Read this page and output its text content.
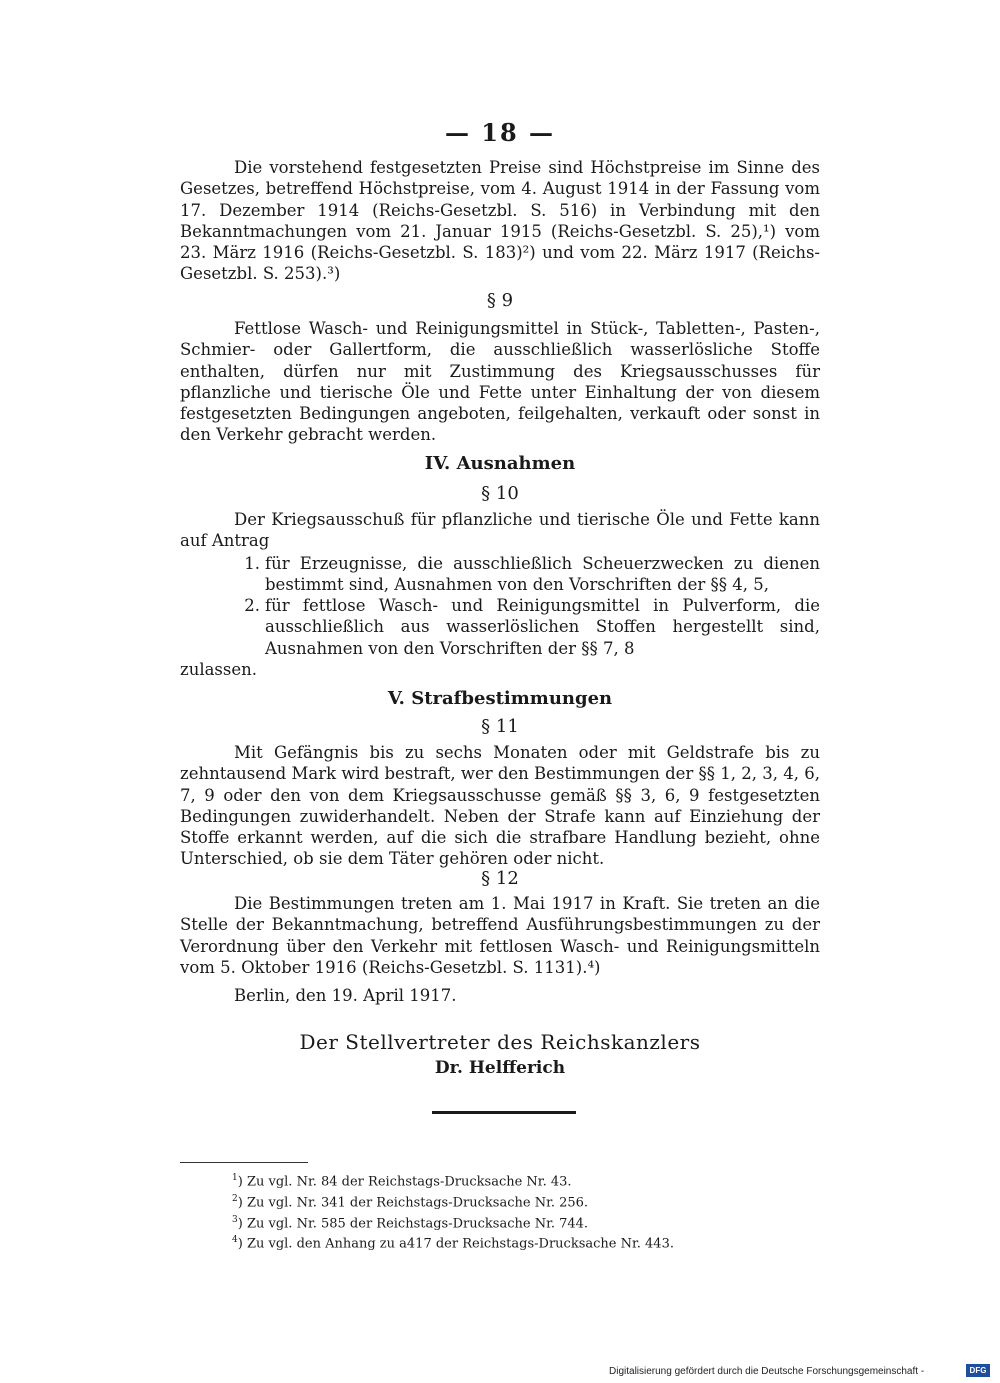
— 18 —

Die vorstehend festgesetzten Preise sind Höchstpreise im Sinne des Gesetzes, betreffend Höchstpreise, vom 4. August 1914 in der Fassung vom 17. Dezember 1914 (Reichs-Gesetzbl. S. 516) in Verbindung mit den Bekanntmachungen vom 21. Januar 1915 (Reichs-Gesetzbl. S. 25),¹) vom 23. März 1916 (Reichs-Gesetzbl. S. 183)²) und vom 22. März 1917 (Reichs-Gesetzbl. S. 253).³)

§ 9

Fettlose Wasch- und Reinigungsmittel in Stück-, Tabletten-, Pasten-, Schmier- oder Gallertform, die ausschließlich wasserlösliche Stoffe enthalten, dürfen nur mit Zustimmung des Kriegsausschusses für pflanzliche und tierische Öle und Fette unter Einhaltung der von diesem festgesetzten Bedingungen angeboten, feilgehalten, verkauft oder sonst in den Verkehr gebracht werden.

IV. Ausnahmen
§ 10

Der Kriegsausschuß für pflanzliche und tierische Öle und Fette kann auf Antrag

1. für Erzeugnisse, die ausschließlich Scheuerzwecken zu dienen bestimmt sind, Ausnahmen von den Vorschriften der §§ 4, 5,
2. für fettlose Wasch- und Reinigungsmittel in Pulverform, die ausschließlich aus wasserlöslichen Stoffen hergestellt sind, Ausnahmen von den Vorschriften der §§ 7, 8

zulassen.

V. Strafbestimmungen
§ 11

Mit Gefängnis bis zu sechs Monaten oder mit Geldstrafe bis zu zehntausend Mark wird bestraft, wer den Bestimmungen der §§ 1, 2, 3, 4, 6, 7, 9 oder den von dem Kriegsausschusse gemäß §§ 3, 6, 9 festgesetzten Bedingungen zuwiderhandelt. Neben der Strafe kann auf Einziehung der Stoffe erkannt werden, auf die sich die strafbare Handlung bezieht, ohne Unterschied, ob sie dem Täter gehören oder nicht.

§ 12

Die Bestimmungen treten am 1. Mai 1917 in Kraft. Sie treten an die Stelle der Bekanntmachung, betreffend Ausführungsbestimmungen zu der Verordnung über den Verkehr mit fettlosen Wasch- und Reinigungsmitteln vom 5. Oktober 1916 (Reichs-Gesetzbl. S. 1131).⁴)

Berlin, den 19. April 1917.

Der Stellvertreter des Reichskanzlers
Dr. Helfferich
$^1$) Zu vgl. Nr. 84 der Reichstags-Drucksache Nr. 43.
$^2$) Zu vgl. Nr. 341 der Reichstags-Drucksache Nr. 256.
$^3$) Zu vgl. Nr. 585 der Reichstags-Drucksache Nr. 744.
$^4$) Zu vgl. den Anhang zu a417 der Reichstags-Drucksache Nr. 443.
Digitalisierung gefördert durch die Deutsche Forschungsgemeinschaft -	DFG
